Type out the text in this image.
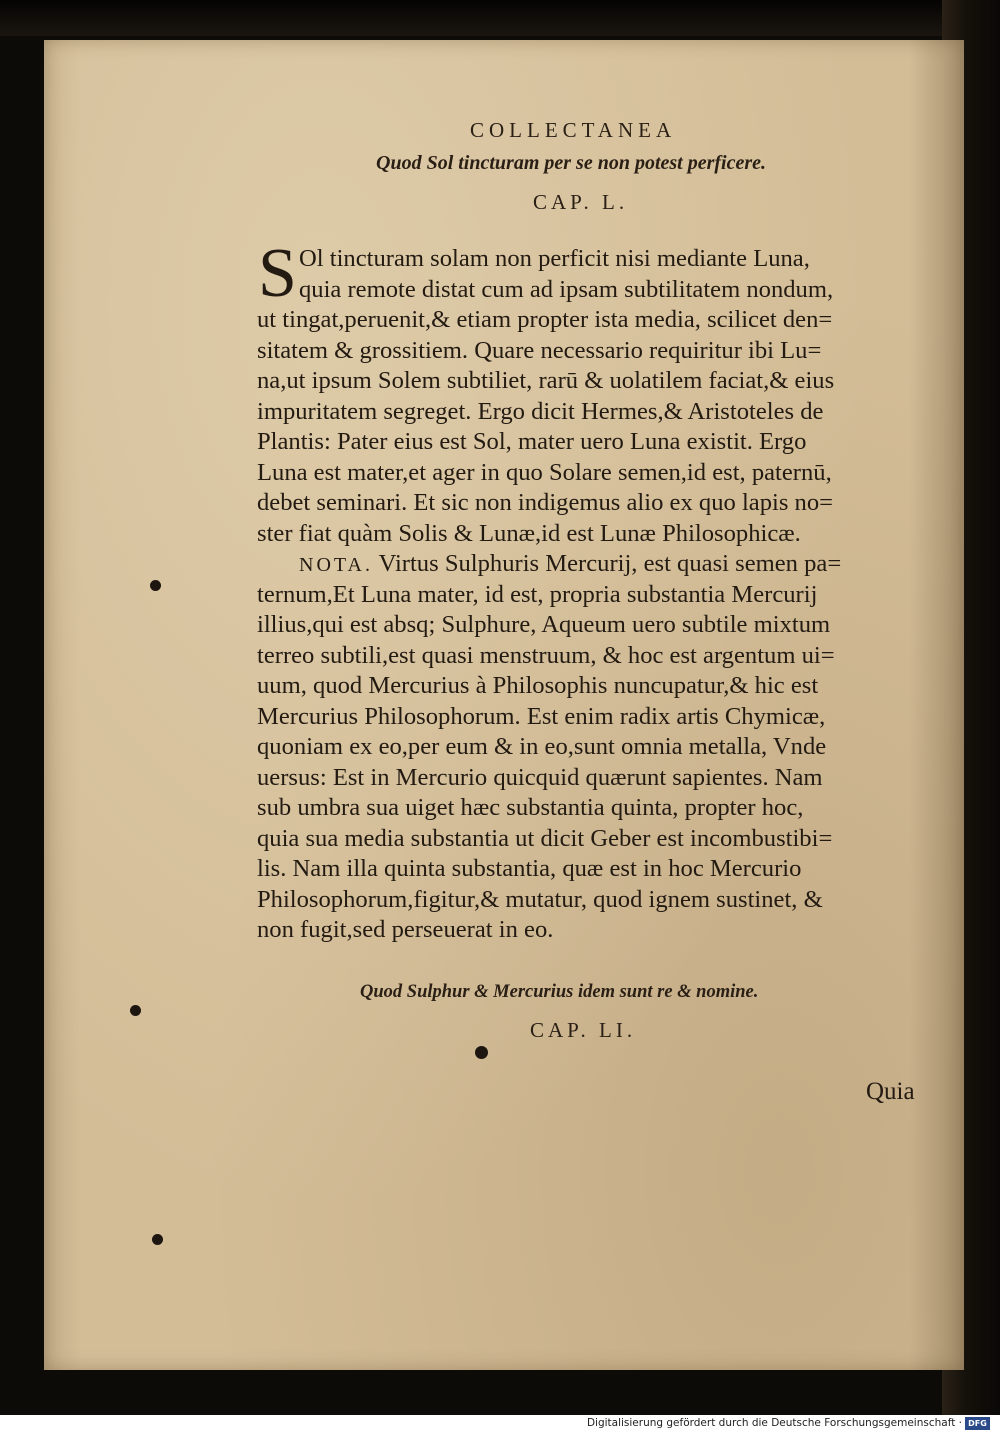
COLLECTANEA
Quod Sol tincturam per se non potest perficere.
CAP. L.
S Ol tincturam solam non perficit nisi mediante Luna,
quia remote distat cum ad ipsam subtilitatem nondum,
ut tingat,peruenit,& etiam propter ista media, scilicet den=
sitatem & grossitiem. Quare necessario requiritur ibi Lu=
na,ut ipsum Solem subtiliet, rarū & uolatilem faciat,& eius
impuritatem segreget. Ergo dicit Hermes,& Aristoteles de
Plantis: Pater eius est Sol, mater uero Luna existit. Ergo
Luna est mater,et ager in quo Solare semen,id est, paternū,
debet seminari. Et sic non indigemus alio ex quo lapis no=
ster fiat quàm Solis & Lunæ,id est Lunæ Philosophicæ.
NOTA. Virtus Sulphuris Mercurij, est quasi semen pa=
ternum,Et Luna mater, id est, propria substantia Mercurij
illius,qui est absq; Sulphure, Aqueum uero subtile mixtum
terreo subtili,est quasi menstruum, & hoc est argentum ui=
uum, quod Mercurius à Philosophis nuncupatur,& hic est
Mercurius Philosophorum. Est enim radix artis Chymicæ,
quoniam ex eo,per eum & in eo,sunt omnia metalla, Vnde
uersus: Est in Mercurio quicquid quærunt sapientes. Nam
sub umbra sua uiget hæc substantia quinta, propter hoc,
quia sua media substantia ut dicit Geber est incombustibi=
lis. Nam illa quinta substantia, quæ est in hoc Mercurio
Philosophorum,figitur,& mutatur, quod ignem sustinet, &
non fugit,sed perseuerat in eo.
Quod Sulphur & Mercurius idem sunt re & nomine.
CAP. LI.
Quia
Digitalisierung gefördert durch die Deutsche Forschungsgemeinschaft · DFG
